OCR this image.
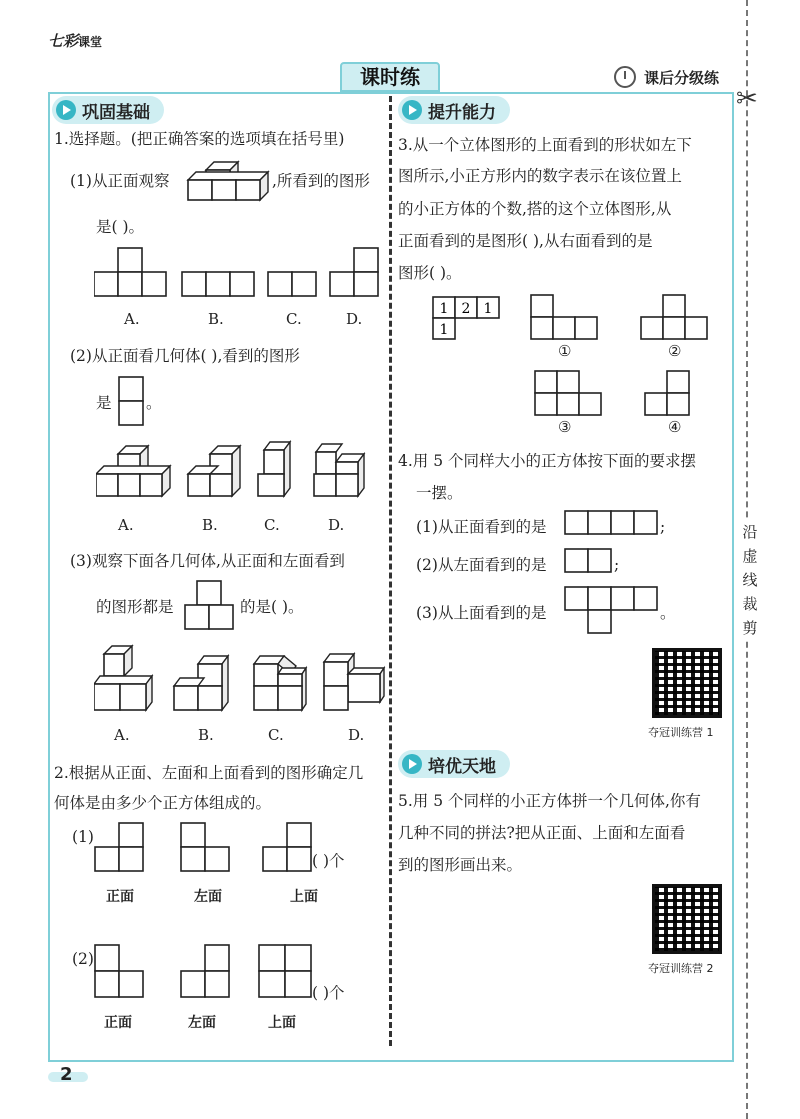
七彩课堂
课时练	课后分级练
✂
沿
虚
线
裁
剪
巩固基础
1.选择题。(把正确答案的选项填在括号里)
(1)从正面观察	,所看到的图形
是( )。
A.	B.	C.	D.
(2)从正面看几何体( ),看到的图形
是 。
A.	B.	C.	D.
(3)观察下面各几何体,从正面和左面看到
的图形都是	的是( )。
A.	B.	C.	D.
2.根据从正面、左面和上面看到的图形确定几
何体是由多少个正方体组成的。
(1)
( )个
正面	左面	上面
(2)
( )个
正面	左面	上面
提升能力
3.从一个立体图形的上面看到的形状如左下
图所示,小正方形内的数字表示在该位置上
的小正方体的个数,搭的这个立体图形,从
正面看到的是图形( ),从右面看到的是
图形( )。
1 2 1
1
①	②
③	④
4.用 5 个同样大小的正方体按下面的要求摆
一摆。
(1)从正面看到的是	;
(2)从左面看到的是	;
(3)从上面看到的是	。
夺冠训练营 1
培优天地
5.用 5 个同样的小正方体拼一个几何体,你有
几种不同的拼法?把从正面、上面和左面看
到的图形画出来。
夺冠训练营 2
2
